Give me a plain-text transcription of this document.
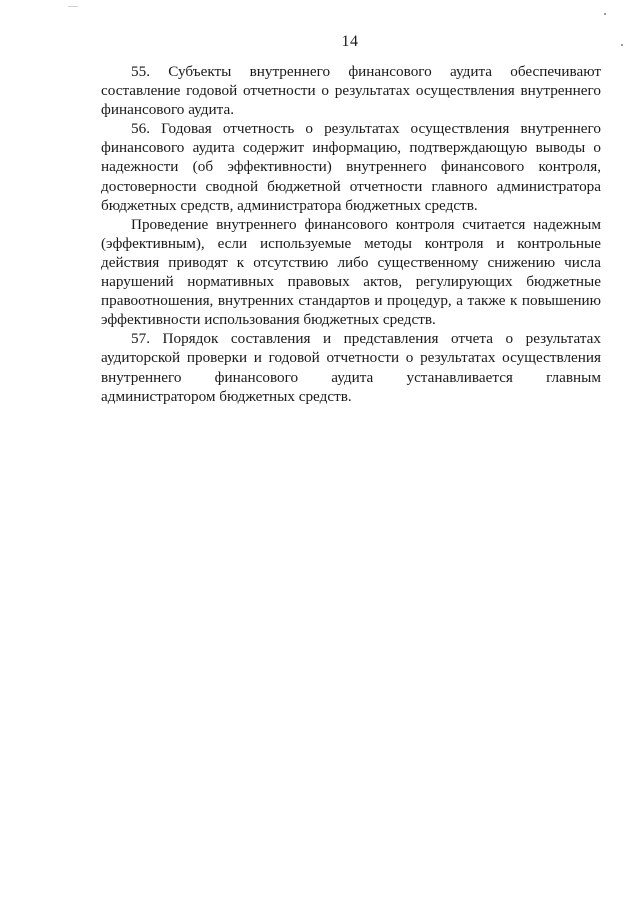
14

55. Субъекты внутреннего финансового аудита обеспечивают составление годовой отчетности о результатах осуществления внутреннего финансового аудита.

56. Годовая отчетность о результатах осуществления внутреннего финансового аудита содержит информацию, подтверждающую выводы о надежности (об эффективности) внутреннего финансового контроля, достоверности сводной бюджетной отчетности главного администратора бюджетных средств, администратора бюджетных средств.

Проведение внутреннего финансового контроля считается надежным (эффективным), если используемые методы контроля и контрольные действия приводят к отсутствию либо существенному снижению числа нарушений нормативных правовых актов, регулирующих бюджетные правоотношения, внутренних стандартов и процедур, а также к повышению эффективности использования бюджетных средств.

57. Порядок составления и представления отчета о результатах аудиторской проверки и годовой отчетности о результатах осуществления внутреннего финансового аудита устанавливается главным администратором бюджетных средств.
